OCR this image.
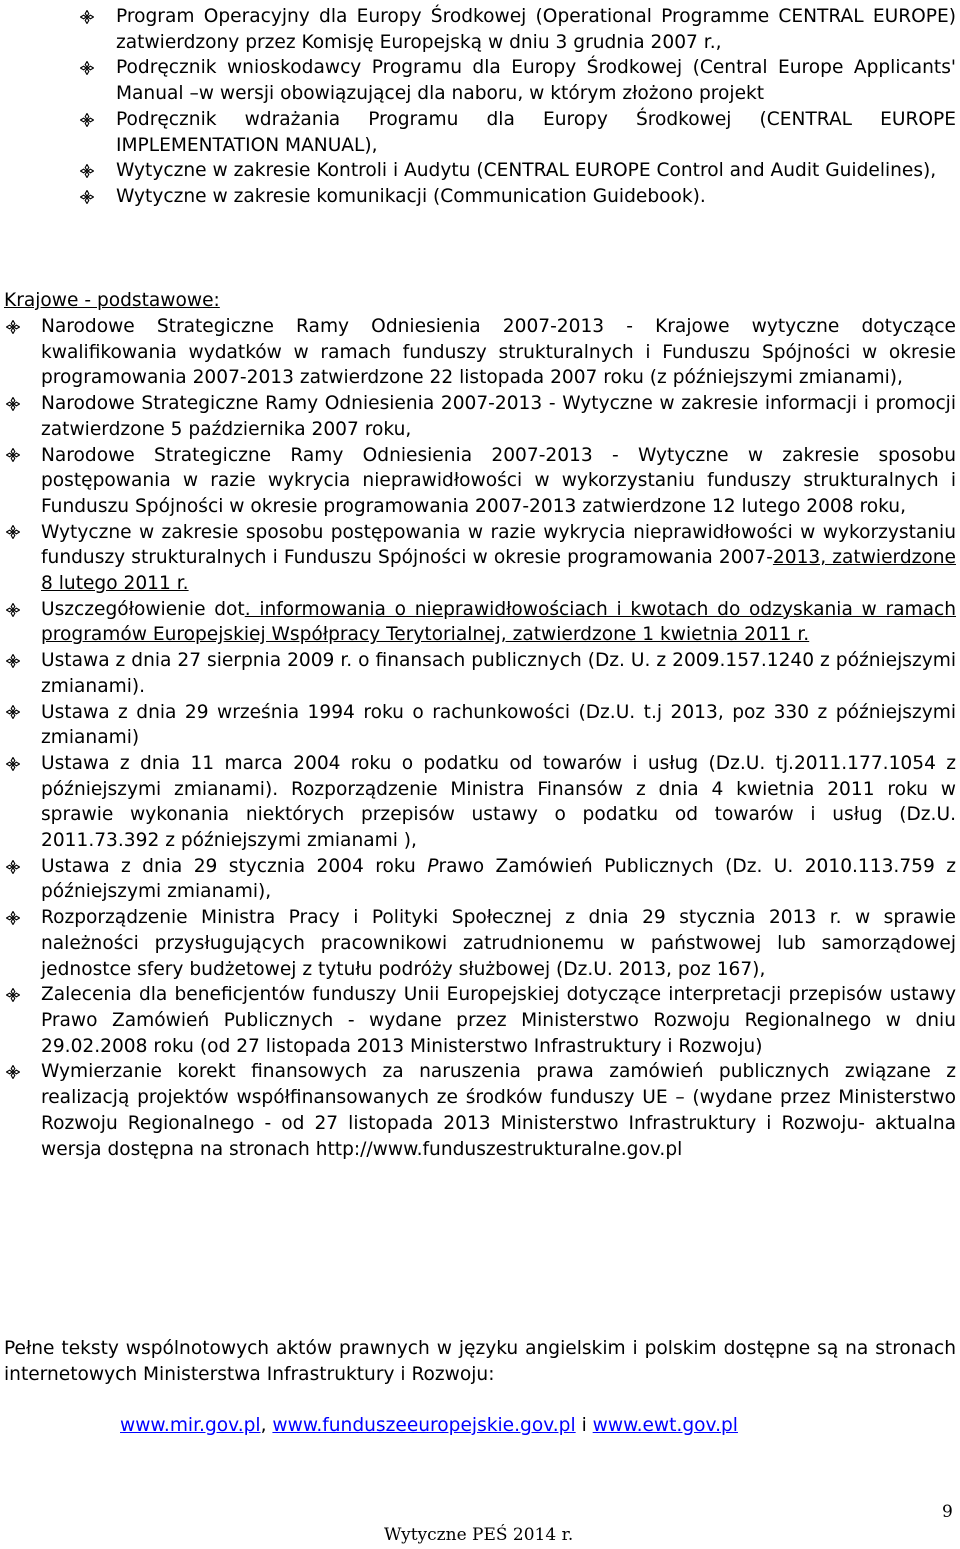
Program Operacyjny dla Europy Środkowej (Operational Programme CENTRAL EUROPE) zatwierdzony przez Komisję Europejską w dniu 3 grudnia 2007 r.,
Podręcznik wnioskodawcy Programu dla Europy Środkowej (Central Europe Applicants' Manual –w wersji obowiązującej dla naboru, w którym złożono projekt
Podręcznik wdrażania Programu dla Europy Środkowej (CENTRAL EUROPE IMPLEMENTATION MANUAL),
Wytyczne w zakresie Kontroli i Audytu (CENTRAL EUROPE Control and Audit Guidelines),
Wytyczne w zakresie komunikacji (Communication Guidebook).
Krajowe - podstawowe:
Narodowe Strategiczne Ramy Odniesienia 2007-2013 - Krajowe wytyczne dotyczące kwalifikowania wydatków w ramach funduszy strukturalnych i Funduszu Spójności w okresie programowania 2007-2013 zatwierdzone 22 listopada 2007 roku (z późniejszymi zmianami),
Narodowe Strategiczne Ramy Odniesienia 2007-2013 - Wytyczne w zakresie informacji i promocji zatwierdzone 5 października 2007 roku,
Narodowe Strategiczne Ramy Odniesienia 2007-2013 - Wytyczne w zakresie sposobu postępowania w razie wykrycia nieprawidłowości w wykorzystaniu funduszy strukturalnych i Funduszu Spójności w okresie programowania 2007-2013 zatwierdzone 12 lutego 2008 roku,
Wytyczne w zakresie sposobu postępowania w razie wykrycia nieprawidłowości w wykorzystaniu funduszy strukturalnych i Funduszu Spójności w okresie programowania 2007-2013, zatwierdzone 8 lutego 2011 r.
Uszczegółowienie dot. informowania o nieprawidłowościach i kwotach do odzyskania w ramach programów Europejskiej Współpracy Terytorialnej, zatwierdzone 1 kwietnia 2011 r.
Ustawa z dnia 27 sierpnia 2009 r. o finansach publicznych (Dz. U. z 2009.157.1240 z późniejszymi zmianami).
Ustawa z dnia 29 września 1994 roku o rachunkowości (Dz.U. t.j 2013, poz 330 z późniejszymi zmianami)
Ustawa z dnia 11 marca 2004 roku o podatku od towarów i usług (Dz.U. tj.2011.177.1054 z późniejszymi zmianami). Rozporządzenie Ministra Finansów z dnia 4 kwietnia 2011 roku w sprawie wykonania niektórych przepisów ustawy o podatku od towarów i usług (Dz.U. 2011.73.392 z późniejszymi zmianami ),
Ustawa z dnia 29 stycznia 2004 roku Prawo Zamówień Publicznych (Dz. U. 2010.113.759 z późniejszymi zmianami),
Rozporządzenie Ministra Pracy i Polityki Społecznej z dnia 29 stycznia 2013 r. w sprawie należności przysługujących pracownikowi zatrudnionemu w państwowej lub samorządowej jednostce sfery budżetowej z tytułu podróży służbowej (Dz.U. 2013, poz 167),
Zalecenia dla beneficjentów funduszy Unii Europejskiej dotyczące interpretacji przepisów ustawy Prawo Zamówień Publicznych - wydane przez Ministerstwo Rozwoju Regionalnego w dniu 29.02.2008 roku (od 27 listopada 2013 Ministerstwo Infrastruktury i Rozwoju)
Wymierzanie korekt finansowych za naruszenia prawa zamówień publicznych związane z realizacją projektów współfinansowanych ze środków funduszy UE – (wydane przez Ministerstwo Rozwoju Regionalnego - od 27 listopada 2013 Ministerstwo Infrastruktury i Rozwoju- aktualna wersja dostępna na stronach http://www.funduszestrukturalne.gov.pl
Pełne teksty wspólnotowych aktów prawnych w języku angielskim i polskim dostępne są na stronach internetowych Ministerstwa Infrastruktury i Rozwoju:
www.mir.gov.pl, www.funduszeeuropejskie.gov.pl i www.ewt.gov.pl
9
Wytyczne PEŚ 2014 r.
